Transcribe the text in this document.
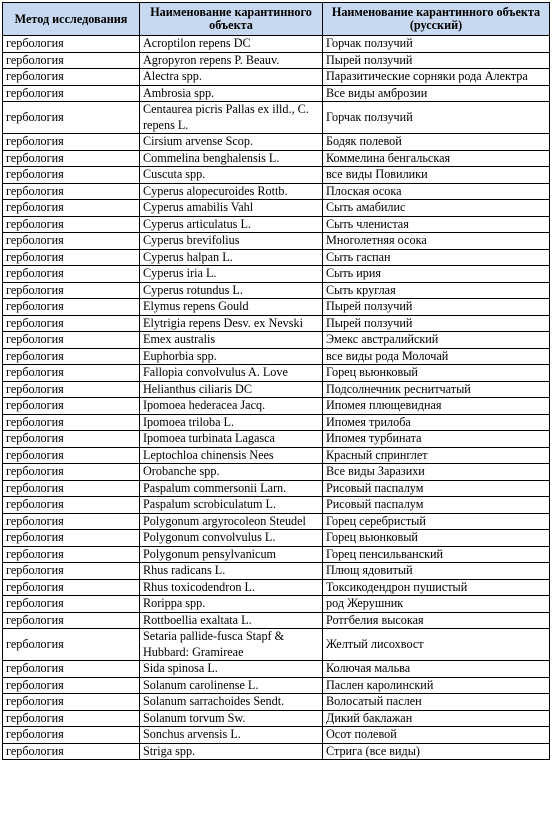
Метод исследования	Наименование карантинного объекта	Наименование карантинного объекта (русский)
гербология	Acroptilon repens DC	Горчак ползучий
гербология	Agropyron repens P. Beauv.	Пырей ползучий
гербология	Alectra spp.	Паразитические сорняки рода Алектра
гербология	Ambrosia spp.	Все виды амброзии
гербология	Centaurea picris Pallas ex illd., C. repens L.	Горчак ползучий
гербология	Cirsium arvense Scop.	Бодяк полевой
гербология	Commelina benghalensis L.	Коммелина бенгальская
гербология	Cuscuta spp.	все виды Повилики
гербология	Cyperus alopecuroides Rottb.	Плоская осока
гербология	Cyperus amabilis Vahl	Сыть амабилис
гербология	Cyperus articulatus L.	Сыть членистая
гербология	Cyperus brevifolius	Многолетняя осока
гербология	Cyperus halpan L.	Сыть гаспан
гербология	Cyperus iria L.	Сыть ирия
гербология	Cyperus rotundus L.	Сыть круглая
гербология	Elymus repens Gould	Пырей ползучий
гербология	Elytrigia repens Desv. ex Nevski	Пырей ползучий
гербология	Emex australis	Эмекс австралийский
гербология	Euphorbia spp.	все виды рода Молочай
гербология	Fallopia convolvulus A. Love	Горец вьюнковый
гербология	Helianthus ciliaris DC	Подсолнечник реснитчатый
гербология	Ipomoea hederacea Jacq.	Ипомея плющевидная
гербология	Ipomoea triloba L.	Ипомея трилоба
гербология	Ipomoea turbinata Lagasca	Ипомея турбината
гербология	Leptochloa chinensis Nees	Красный спринглет
гербология	Orobanche spp.	Все виды Заразихи
гербология	Paspalum commersonii Larn.	Рисовый паспалум
гербология	Paspalum scrobiculatum L.	Рисовый паспалум
гербология	Polygonum argyrocoleon Steudel	Горец серебристый
гербология	Polygonum convolvulus L.	Горец вьюнковый
гербология	Polygonum pensylvanicum	Горец пенсильванский
гербология	Rhus radicans L.	Плющ ядовитый
гербология	Rhus toxicodendron L.	Токсикодендрон пушистый
гербология	Rorippa spp.	род Жерушник
гербология	Rottboellia exaltata L.	Ротгбелия высокая
гербология	Setaria pallide-fusca Stapf & Hubbard: Gramireae	Желтый лисохвост
гербология	Sida spinosa L.	Колючая мальва
гербология	Solanum carolinense L.	Паслен каролинский
гербология	Solanum sarrachoides Sendt.	Волосатый паслен
гербология	Solanum torvum Sw.	Дикий баклажан
гербология	Sonchus arvensis L.	Осот полевой
гербология	Striga spp.	Стрига (все виды)
